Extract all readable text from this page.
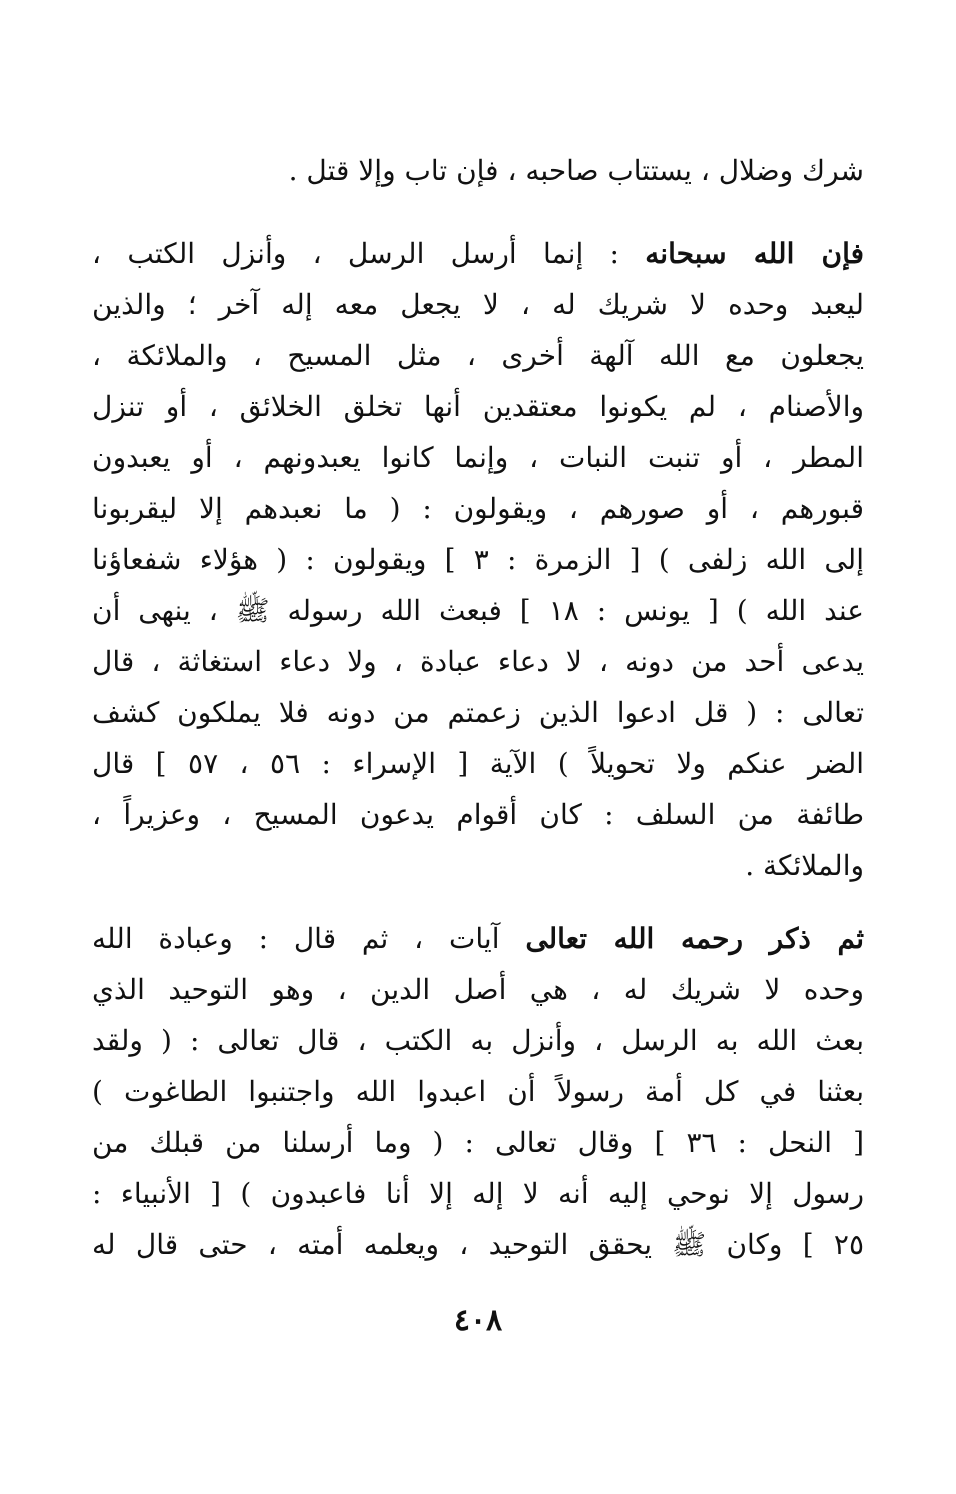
شرك وضلال ، يستتاب صاحبه ، فإن تاب وإلا قتل .
فإن الله سبحانه : إنما أرسل الرسل ، وأنزل الكتب ،
ليعبد وحده لا شريك له ، لا يجعل معه إله آخر ؛ والذين
يجعلون مع الله آلهة أخرى ، مثل المسيح ، والملائكة ،
والأصنام ، لم يكونوا معتقدين أنها تخلق الخلائق ، أو تنزل
المطر ، أو تنبت النبات ، وإنما كانوا يعبدونهم ، أو يعبدون
قبورهم ، أو صورهم ، ويقولون : ( ما نعبدهم إلا ليقربونا
إلى الله زلفى ) [ الزمرة : ٣ ] ويقولون : ( هؤلاء شفعاؤنا
عند الله ) [ يونس : ١٨ ] فبعث الله رسوله ﷺ ، ينهى أن
يدعى أحد من دونه ، لا دعاء عبادة ، ولا دعاء استغاثة ، قال
تعالى : ( قل ادعوا الذين زعمتم من دونه فلا يملكون كشف
الضر عنكم ولا تحويلاً ) الآية [ الإسراء : ٥٦ ، ٥٧ ] قال
طائفة من السلف : كان أقوام يدعون المسيح ، وعزيراً ،
والملائكة .
ثم ذكر رحمه الله تعالى آيات ، ثم قال : وعبادة الله
وحده لا شريك له ، هي أصل الدين ، وهو التوحيد الذي
بعث الله به الرسل ، وأنزل به الكتب ، قال تعالى : ( ولقد
بعثنا في كل أمة رسولاً أن اعبدوا الله واجتنبوا الطاغوت )
[ النحل : ٣٦ ] وقال تعالى : ( وما أرسلنا من قبلك من
رسول إلا نوحي إليه أنه لا إله إلا أنا فاعبدون ) [ الأنبياء :
٢٥ ] وكان ﷺ يحقق التوحيد ، ويعلمه أمته ، حتى قال له
٤٠٨
